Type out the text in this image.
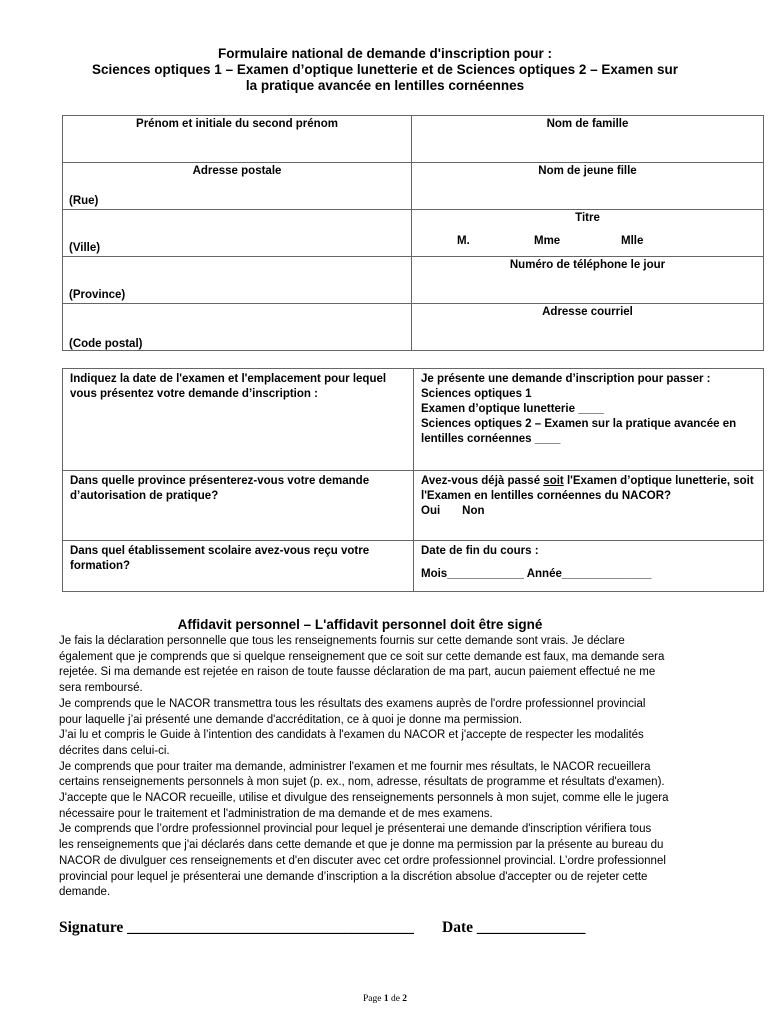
Formulaire national de demande d'inscription pour :
Sciences optiques 1 – Examen d’optique lunetterie et de Sciences optiques 2 – Examen sur
la pratique avancée en lentilles cornéennes
Prénom et initiale du second prénom	Nom de famille

Adresse postale
(Rue)	Nom de jeune fille

(Ville)	Titre
M. Mme Mlle

(Province)	Numéro de téléphone le jour

(Code postal)	Adresse courriel
Indiquez la date de l'examen et l'emplacement pour lequel vous présentez votre demande d’inscription :	Je présente une demande d’inscription pour passer :
Sciences optiques 1
Examen d’optique lunetterie ____
Sciences optiques 2 – Examen sur la pratique avancée en lentilles cornéennes ____

Dans quelle province présenterez-vous votre demande d’autorisation de pratique?	Avez-vous déjà passé soit l'Examen d’optique lunetterie, soit l'Examen en lentilles cornéennes du NACOR?
Oui Non

Dans quel établissement scolaire avez-vous reçu votre formation?	Date de fin du cours :
Mois____________ Année______________
Affidavit personnel – L'affidavit personnel doit être signé

Je fais la déclaration personnelle que tous les renseignements fournis sur cette demande sont vrais. Je déclare également que je comprends que si quelque renseignement que ce soit sur cette demande est faux, ma demande sera rejetée. Si ma demande est rejetée en raison de toute fausse déclaration de ma part, aucun paiement effectué ne me sera remboursé.

Je comprends que le NACOR transmettra tous les résultats des examens auprès de l'ordre professionnel provincial pour laquelle j’ai présenté une demande d'accréditation, ce à quoi je donne ma permission.

J’ai lu et compris le Guide à l’intention des candidats à l'examen du NACOR et j'accepte de respecter les modalités décrites dans celui-ci.

Je comprends que pour traiter ma demande, administrer l'examen et me fournir mes résultats, le NACOR recueillera certains renseignements personnels à mon sujet (p. ex., nom, adresse, résultats de programme et résultats d'examen). J'accepte que le NACOR recueille, utilise et divulgue des renseignements personnels à mon sujet, comme elle le jugera nécessaire pour le traitement et l'administration de ma demande et de mes examens.

Je comprends que l’ordre professionnel provincial pour lequel je présenterai une demande d'inscription vérifiera tous les renseignements que j'ai déclarés dans cette demande et que je donne ma permission par la présente au bureau du NACOR de divulguer ces renseignements et d'en discuter avec cet ordre professionnel provincial. L’ordre professionnel provincial pour lequel je présenterai une demande d’inscription a la discrétion absolue d'accepter ou de rejeter cette demande.

Signature _____________________________________ Date ______________
Page 1 de 2
